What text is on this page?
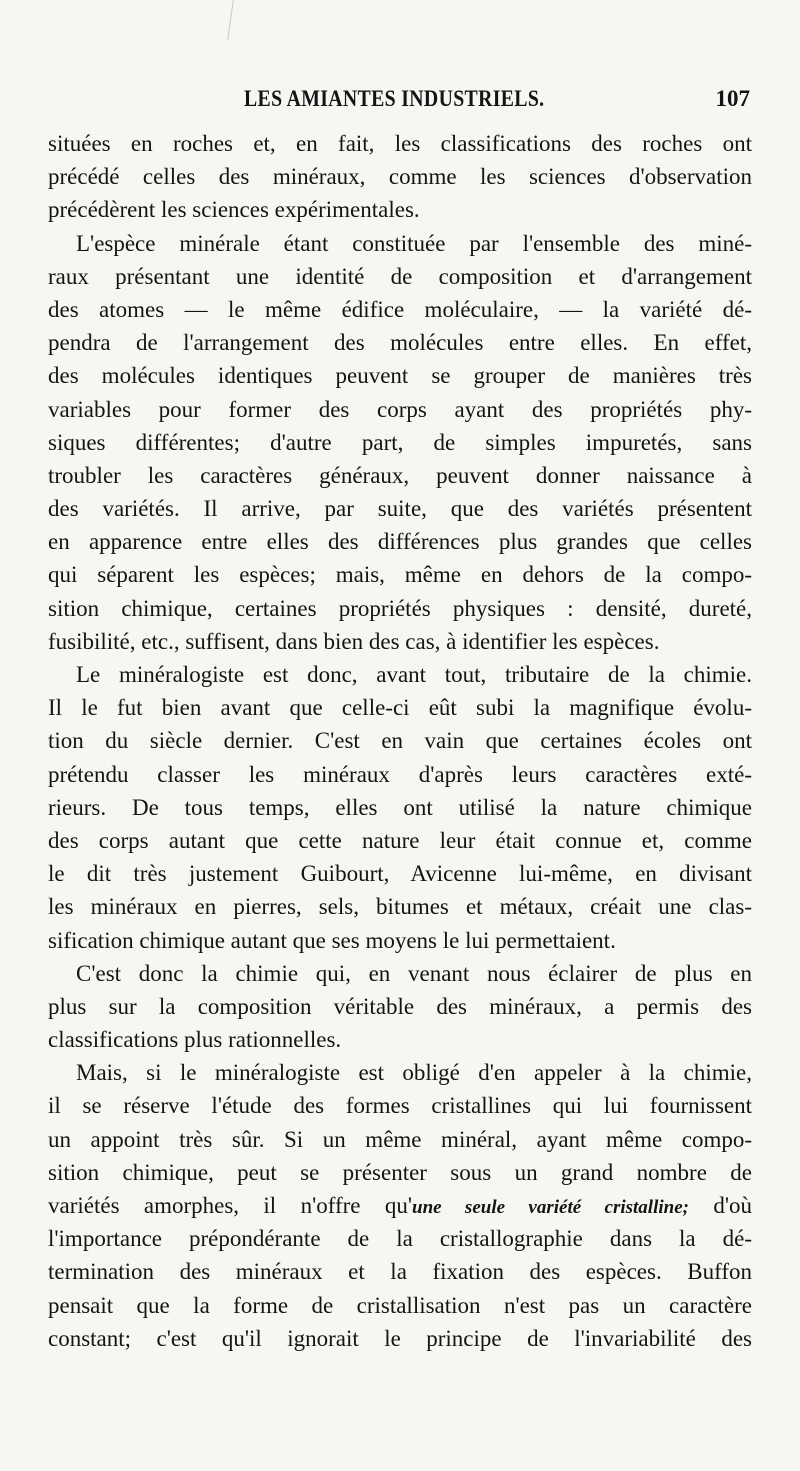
LES AMIANTES INDUSTRIELS.	107
situées en roches et, en fait, les classifications des roches ont
précédé celles des minéraux, comme les sciences d'observation
précédèrent les sciences expérimentales.
L'espèce minérale étant constituée par l'ensemble des miné-
raux présentant une identité de composition et d'arrangement
des atomes — le même édifice moléculaire, — la variété dé-
pendra de l'arrangement des molécules entre elles. En effet,
des molécules identiques peuvent se grouper de manières très
variables pour former des corps ayant des propriétés phy-
siques différentes; d'autre part, de simples impuretés, sans
troubler les caractères généraux, peuvent donner naissance à
des variétés. Il arrive, par suite, que des variétés présentent
en apparence entre elles des différences plus grandes que celles
qui séparent les espèces; mais, même en dehors de la compo-
sition chimique, certaines propriétés physiques : densité, dureté,
fusibilité, etc., suffisent, dans bien des cas, à identifier les espèces.
Le minéralogiste est donc, avant tout, tributaire de la chimie.
Il le fut bien avant que celle-ci eût subi la magnifique évolu-
tion du siècle dernier. C'est en vain que certaines écoles ont
prétendu classer les minéraux d'après leurs caractères exté-
rieurs. De tous temps, elles ont utilisé la nature chimique
des corps autant que cette nature leur était connue et, comme
le dit très justement Guibourt, Avicenne lui-même, en divisant
les minéraux en pierres, sels, bitumes et métaux, créait une clas-
sification chimique autant que ses moyens le lui permettaient.
C'est donc la chimie qui, en venant nous éclairer de plus en
plus sur la composition véritable des minéraux, a permis des
classifications plus rationnelles.
Mais, si le minéralogiste est obligé d'en appeler à la chimie,
il se réserve l'étude des formes cristallines qui lui fournissent
un appoint très sûr. Si un même minéral, ayant même compo-
sition chimique, peut se présenter sous un grand nombre de
variétés amorphes, il n'offre qu'une seule variété cristalline; d'où
l'importance prépondérante de la cristallographie dans la dé-
termination des minéraux et la fixation des espèces. Buffon
pensait que la forme de cristallisation n'est pas un caractère
constant; c'est qu'il ignorait le principe de l'invariabilité des
